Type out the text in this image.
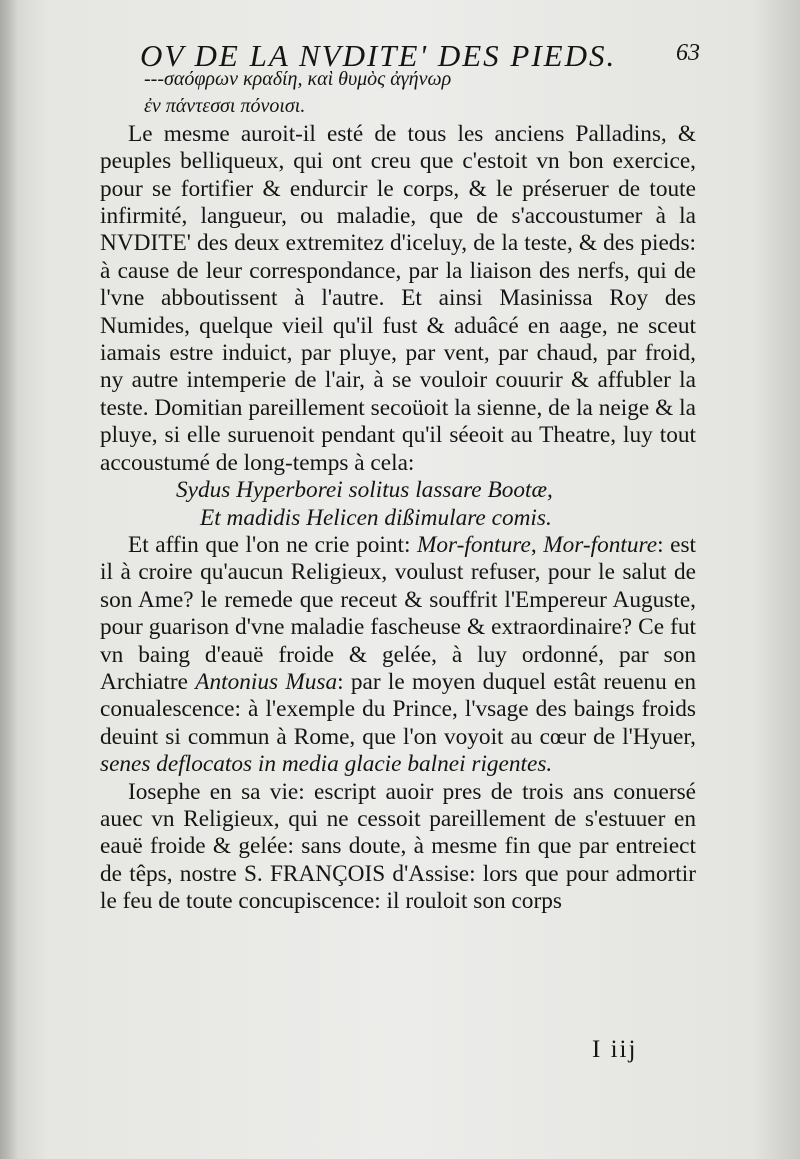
OV DE LA NVDITE' DES PIEDS. 63

---σαόφρων κραδίη, καὶ θυμὸς ἀγήνωρ

ἐν πάντεσσι πόνοισι.

Le mesme auroit-il esté de tous les anciens Palladins, & peuples belliqueux, qui ont creu que c'estoit vn bon exercice, pour se fortifier & endurcir le corps, & le préseruer de toute infirmité, langueur, ou maladie, que de s'accoustumer à la NVDITE' des deux extremitez d'iceluy, de la teste, & des pieds: à cause de leur correspondance, par la liaison des nerfs, qui de l'vne abboutissent à l'autre. Et ainsi Masinissa Roy des Numides, quelque vieil qu'il fust & aduâcé en aage, ne sceut iamais estre induict, par pluye, par vent, par chaud, par froid, ny autre intemperie de l'air, à se vouloir couurir & affubler la teste. Domitian pareillement secoüoit la sienne, de la neige & la pluye, si elle suruenoit pendant qu'il séeoit au Theatre, luy tout accoustumé de long-temps à cela:

Sydus Hyperborei solitus lassare Bootæ,

Et madidis Helicen dißimulare comis.

Et affin que l'on ne crie point: Mor-fonture, Mor-fonture: est il à croire qu'aucun Religieux, voulust refuser, pour le salut de son Ame? le remede que receut & souffrit l'Empereur Auguste, pour guarison d'vne maladie fascheuse & extraordinaire? Ce fut vn baing d'eauë froide & gelée, à luy ordonné, par son Archiatre Antonius Musa: par le moyen duquel estât reuenu en conualescence: à l'exemple du Prince, l'vsage des baings froids deuint si commun à Rome, que l'on voyoit au cœur de l'Hyuer, senes deflocatos in media glacie balnei rigentes.

Iosephe en sa vie: escript auoir pres de trois ans conuersé auec vn Religieux, qui ne cessoit pareillement de s'estuuer en eauë froide & gelée: sans doute, à mesme fin que par entreiect de têps, nostre S. FRANÇOIS d'Assise: lors que pour admortir le feu de toute concupiscence: il rouloit son corps

I iij
